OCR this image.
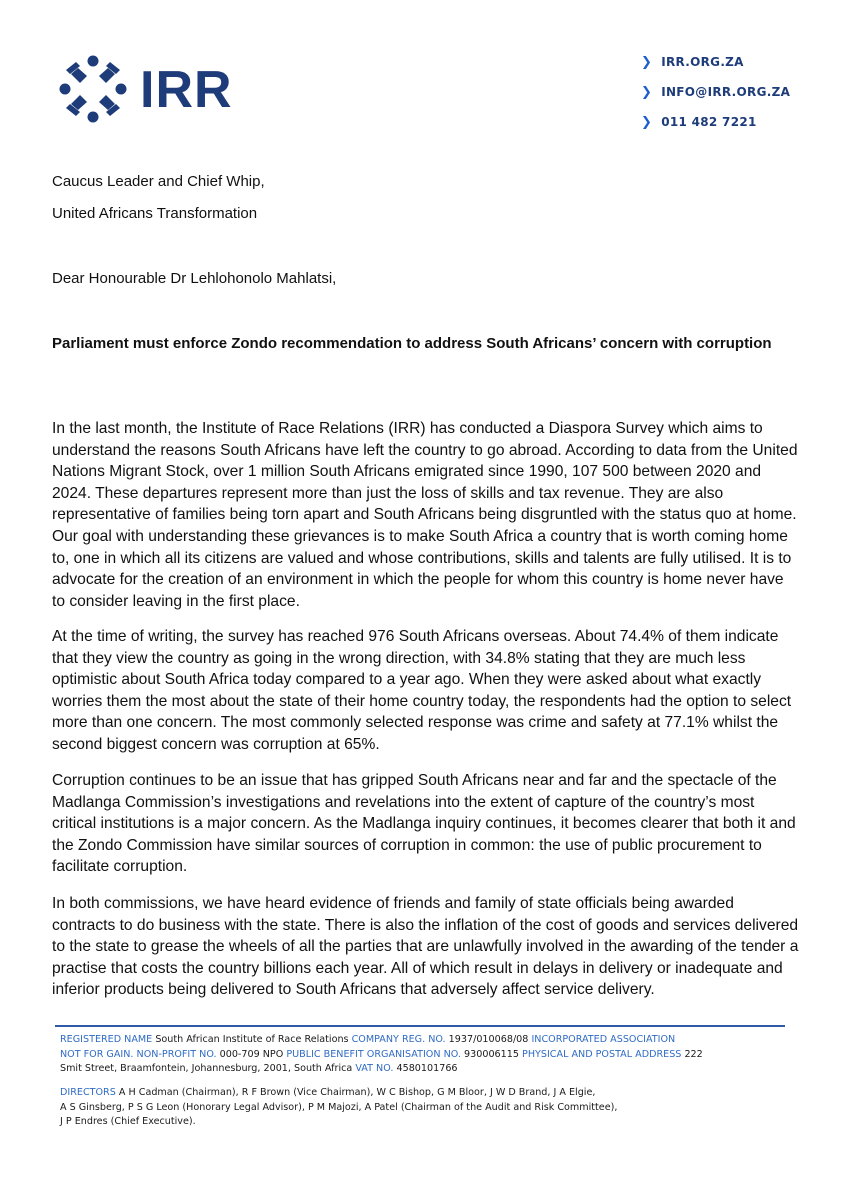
IRR	❯ IRR.ORG.ZA
❯ INFO@IRR.ORG.ZA
❯ 011 482 7221
Caucus Leader and Chief Whip,
United Africans Transformation
Dear Honourable Dr Lehlohonolo Mahlatsi,
Parliament must enforce Zondo recommendation to address South Africans’ concern with corruption

In the last month, the Institute of Race Relations (IRR) has conducted a Diaspora Survey which aims to understand the reasons South Africans have left the country to go abroad. According to data from the United Nations Migrant Stock, over 1 million South Africans emigrated since 1990, 107 500 between 2020 and 2024. These departures represent more than just the loss of skills and tax revenue. They are also representative of families being torn apart and South Africans being disgruntled with the status quo at home. Our goal with understanding these grievances is to make South Africa a country that is worth coming home to, one in which all its citizens are valued and whose contributions, skills and talents are fully utilised. It is to advocate for the creation of an environment in which the people for whom this country is home never have to consider leaving in the first place.

At the time of writing, the survey has reached 976 South Africans overseas. About 74.4% of them indicate that they view the country as going in the wrong direction, with 34.8% stating that they are much less optimistic about South Africa today compared to a year ago. When they were asked about what exactly worries them the most about the state of their home country today, the respondents had the option to select more than one concern. The most commonly selected response was crime and safety at 77.1% whilst the second biggest concern was corruption at 65%.

Corruption continues to be an issue that has gripped South Africans near and far and the spectacle of the Madlanga Commission’s investigations and revelations into the extent of capture of the country’s most critical institutions is a major concern. As the Madlanga inquiry continues, it becomes clearer that both it and the Zondo Commission have similar sources of corruption in common: the use of public procurement to facilitate corruption.

In both commissions, we have heard evidence of friends and family of state officials being awarded contracts to do business with the state. There is also the inflation of the cost of goods and services delivered to the state to grease the wheels of all the parties that are unlawfully involved in the awarding of the tender a practise that costs the country billions each year. All of which result in delays in delivery or inadequate and inferior products being delivered to South Africans that adversely affect service delivery.

REGISTERED NAME South African Institute of Race Relations COMPANY REG. NO. 1937/010068/08 INCORPORATED ASSOCIATION
NOT FOR GAIN. NON-PROFIT NO. 000-709 NPO PUBLIC BENEFIT ORGANISATION NO. 930006115 PHYSICAL AND POSTAL ADDRESS 222
Smit Street, Braamfontein, Johannesburg, 2001, South Africa VAT NO. 4580101766
DIRECTORS A H Cadman (Chairman), R F Brown (Vice Chairman), W C Bishop, G M Bloor, J W D Brand, J A Elgie,
A S Ginsberg, P S G Leon (Honorary Legal Advisor), P M Majozi, A Patel (Chairman of the Audit and Risk Committee),
J P Endres (Chief Executive).
